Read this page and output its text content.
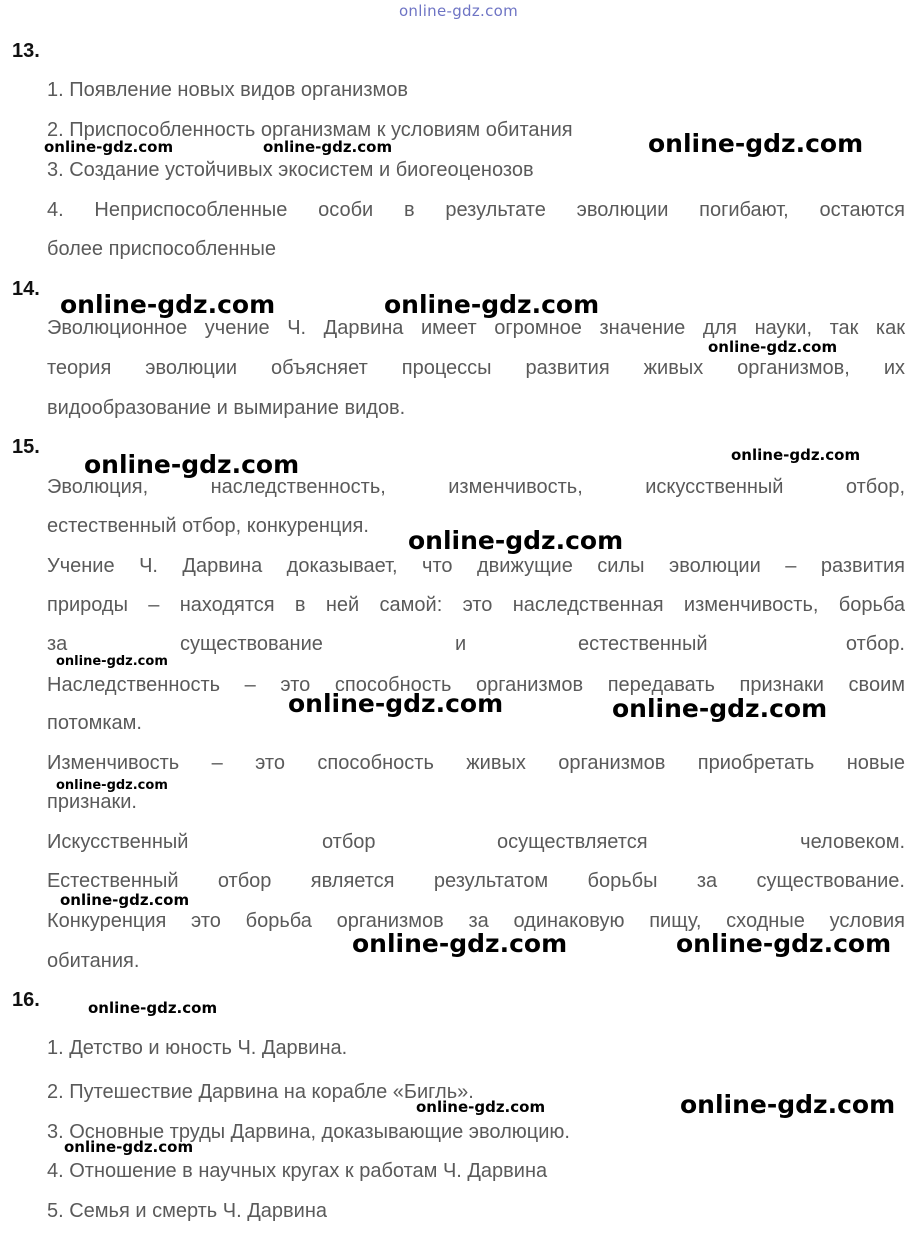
online-gdz.com
13.
1. Появление новых видов организмов
2. Приспособленность организмам к условиям обитания
3. Создание устойчивых экосистем и биогеоценозов
4. Неприспособленные особи в результате эволюции погибают, остаются
более приспособленные
14.
Эволюционное учение Ч. Дарвина имеет огромное значение для науки, так как
теория эволюции объясняет процессы развития живых организмов, их
видообразование и вымирание видов.
15.
Эволюция, наследственность, изменчивость, искусственный отбор,
естественный отбор, конкуренция.
Учение Ч. Дарвина доказывает, что движущие силы эволюции – развития
природы – находятся в ней самой: это наследственная изменчивость, борьба
за	существование	и	естественный	отбор.
Наследственность – это способность организмов передавать признаки своим
потомкам.
Изменчивость – это способность живых организмов приобретать новые
признаки.
Искусственный	отбор	осуществляется	человеком.
Естественный отбор является результатом борьбы за существование.
Конкуренция это борьба организмов за одинаковую пищу, сходные условия
обитания.
16.
1. Детство и юность Ч. Дарвина.
2. Путешествие Дарвина на корабле «Бигль».
3. Основные труды Дарвина, доказывающие эволюцию.
4. Отношение в научных кругах к работам Ч. Дарвина
5. Семья и смерть Ч. Дарвина
online-gdz.com	online-gdz.com	online-gdz.com
online-gdz.com	online-gdz.com
online-gdz.com
online-gdz.com	online-gdz.com
online-gdz.com
online-gdz.com
online-gdz.com	online-gdz.com
online-gdz.com
online-gdz.com
online-gdz.com	online-gdz.com
online-gdz.com
online-gdz.com	online-gdz.com
online-gdz.com
